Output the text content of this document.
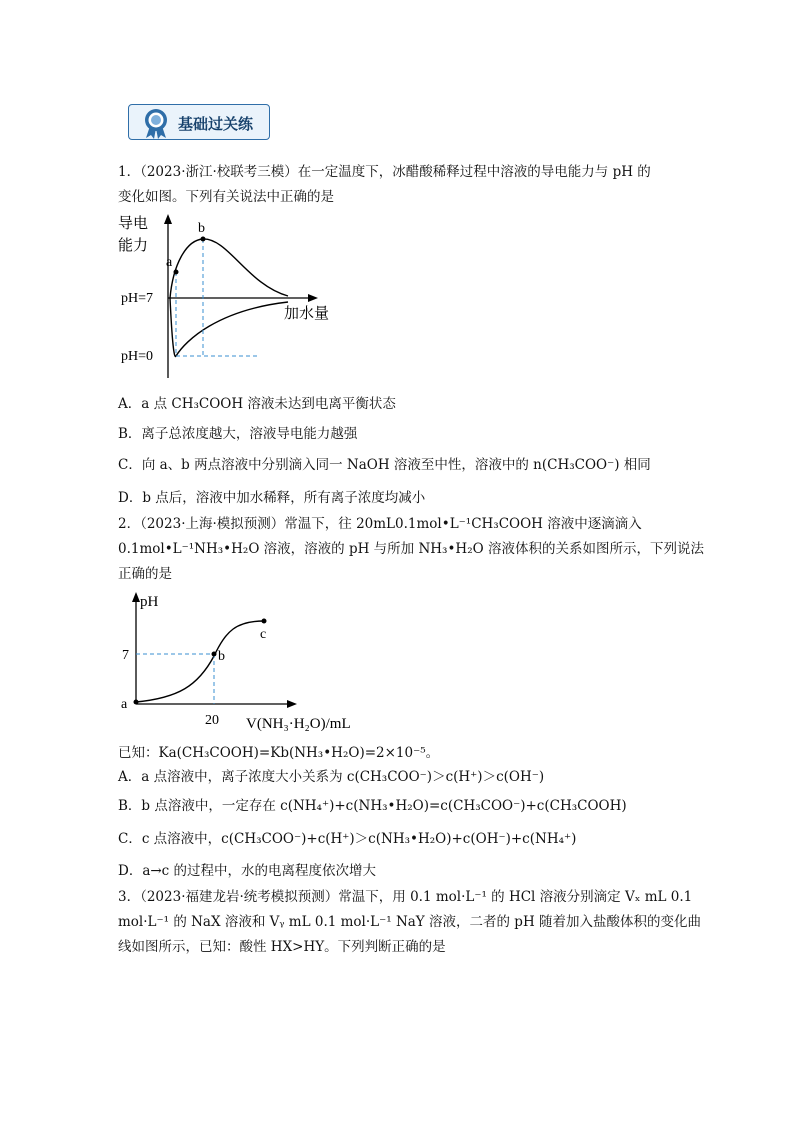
基础过关练
1．（2023·浙江·校联考三模）在一定温度下，冰醋酸稀释过程中溶液的导电能力与 pH 的
变化如图。下列有关说法中正确的是
a
b
导电
能力
pH=7
pH=0
加水量
A．a 点 CH₃COOH 溶液未达到电离平衡状态
B．离子总浓度越大，溶液导电能力越强
C．向 a、b 两点溶液中分别滴入同一 NaOH 溶液至中性，溶液中的 n(CH₃COO⁻) 相同
D．b 点后，溶液中加水稀释，所有离子浓度均减小
2．（2023·上海·模拟预测）常温下，往 20mL0.1mol•L⁻¹CH₃COOH 溶液中逐滴滴入
0.1mol•L⁻¹NH₃•H₂O 溶液，溶液的 pH 与所加 NH₃•H₂O 溶液体积的关系如图所示，下列说法
正确的是
pH
7
a
b
c
20 V(NH₃·H₂O)/mL
已知：Ka(CH₃COOH)=Kb(NH₃•H₂O)=2×10⁻⁵。
A．a 点溶液中，离子浓度大小关系为 c(CH₃COO⁻)＞c(H⁺)＞c(OH⁻)
B．b 点溶液中，一定存在 c(NH₄⁺)+c(NH₃•H₂O)=c(CH₃COO⁻)+c(CH₃COOH)
C．c 点溶液中，c(CH₃COO⁻)+c(H⁺)＞c(NH₃•H₂O)+c(OH⁻)+c(NH₄⁺)
D．a→c 的过程中，水的电离程度依次增大
3．（2023·福建龙岩·统考模拟预测）常温下，用 0.1 mol·L⁻¹ 的 HCl 溶液分别滴定 Vₓ mL 0.1
mol·L⁻¹ 的 NaX 溶液和 Vᵧ mL 0.1 mol·L⁻¹ NaY 溶液，二者的 pH 随着加入盐酸体积的变化曲
线如图所示，已知：酸性 HX>HY。下列判断正确的是
